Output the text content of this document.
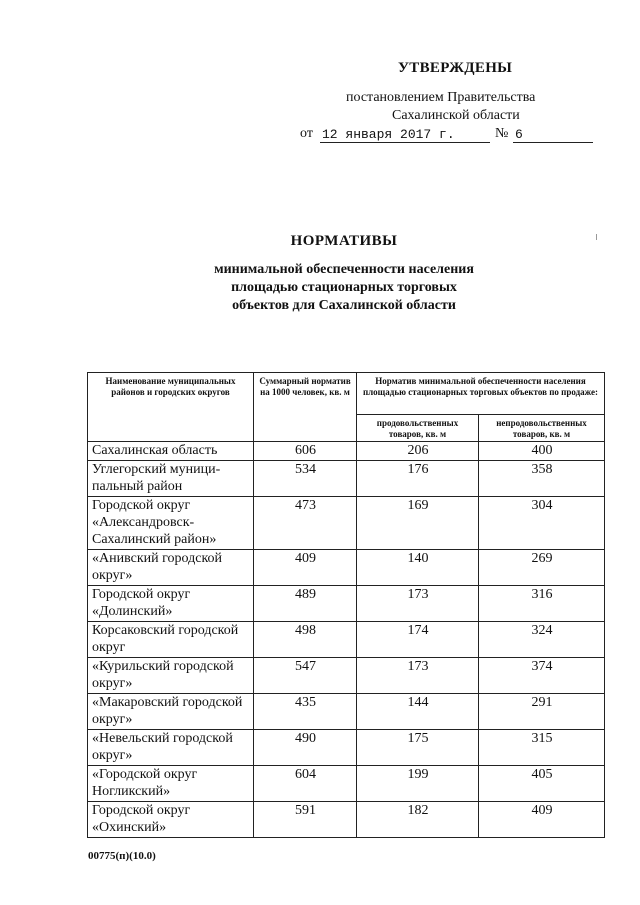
УТВЕРЖДЕНЫ
постановлением Правительства
Сахалинской области
от 12 января 2017 г.	№ 6
НОРМАТИВЫ
минимальной обеспеченности населения
площадью стационарных торговых
объектов для Сахалинской области
Наименование муниципальных районов и городских округов	Суммарный норматив на 1000 человек, кв. м	Норматив минимальной обеспеченности населения площадью стационарных торговых объектов по продаже:	
		продовольственных товаров, кв. м	непродовольственных товаров, кв. м
Сахалинская область	606	206	400
Углегорский муници-пальный район	534	176	358
Городской округ «Александровск-Сахалинский район»	473	169	304
«Анивский городской округ»	409	140	269
Городской округ «Долинский»	489	173	316
Корсаковский городской округ	498	174	324
«Курильский городской округ»	547	173	374
«Макаровский городской округ»	435	144	291
«Невельский городской округ»	490	175	315
«Городской округ Ногликский»	604	199	405
Городской округ «Охинский»	591	182	409
00775(п)(10.0)
